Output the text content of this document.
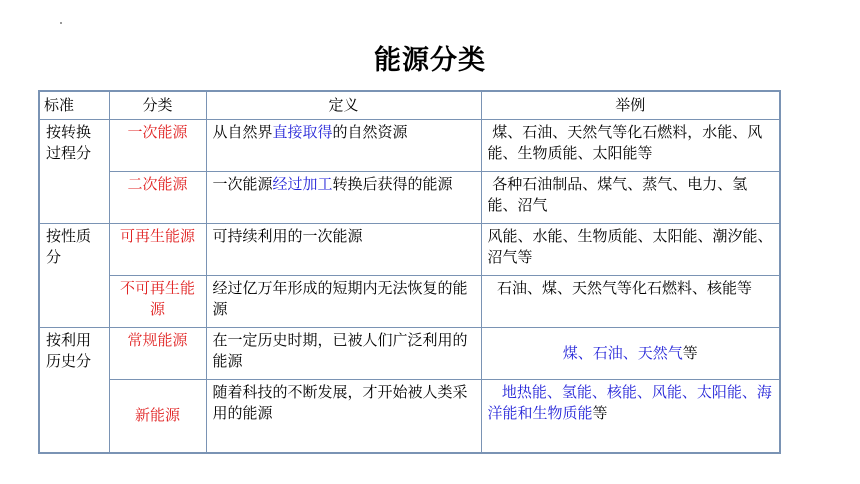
能源分类
标准	分类	定义	举例
按转换过程分	一次能源	从自然界直接取得的自然资源	煤、石油、天然气等化石燃料，水能、风能、生物质能、太阳能等
	二次能源	一次能源经过加工转换后获得的能源	各种石油制品、煤气、蒸气、电力、氢能、沼气
按性质分	可再生能源	可持续利用的一次能源	风能、水能、生物质能、太阳能、潮汐能、沼气等
	不可再生能源	经过亿万年形成的短期内无法恢复的能源	石油、煤、天然气等化石燃料、核能等
按利用历史分	常规能源	在一定历史时期，已被人们广泛利用的能源	煤、石油、天然气等
	新能源	随着科技的不断发展，才开始被人类采用的能源	地热能、氢能、核能、风能、太阳能、海洋能和生物质能等
